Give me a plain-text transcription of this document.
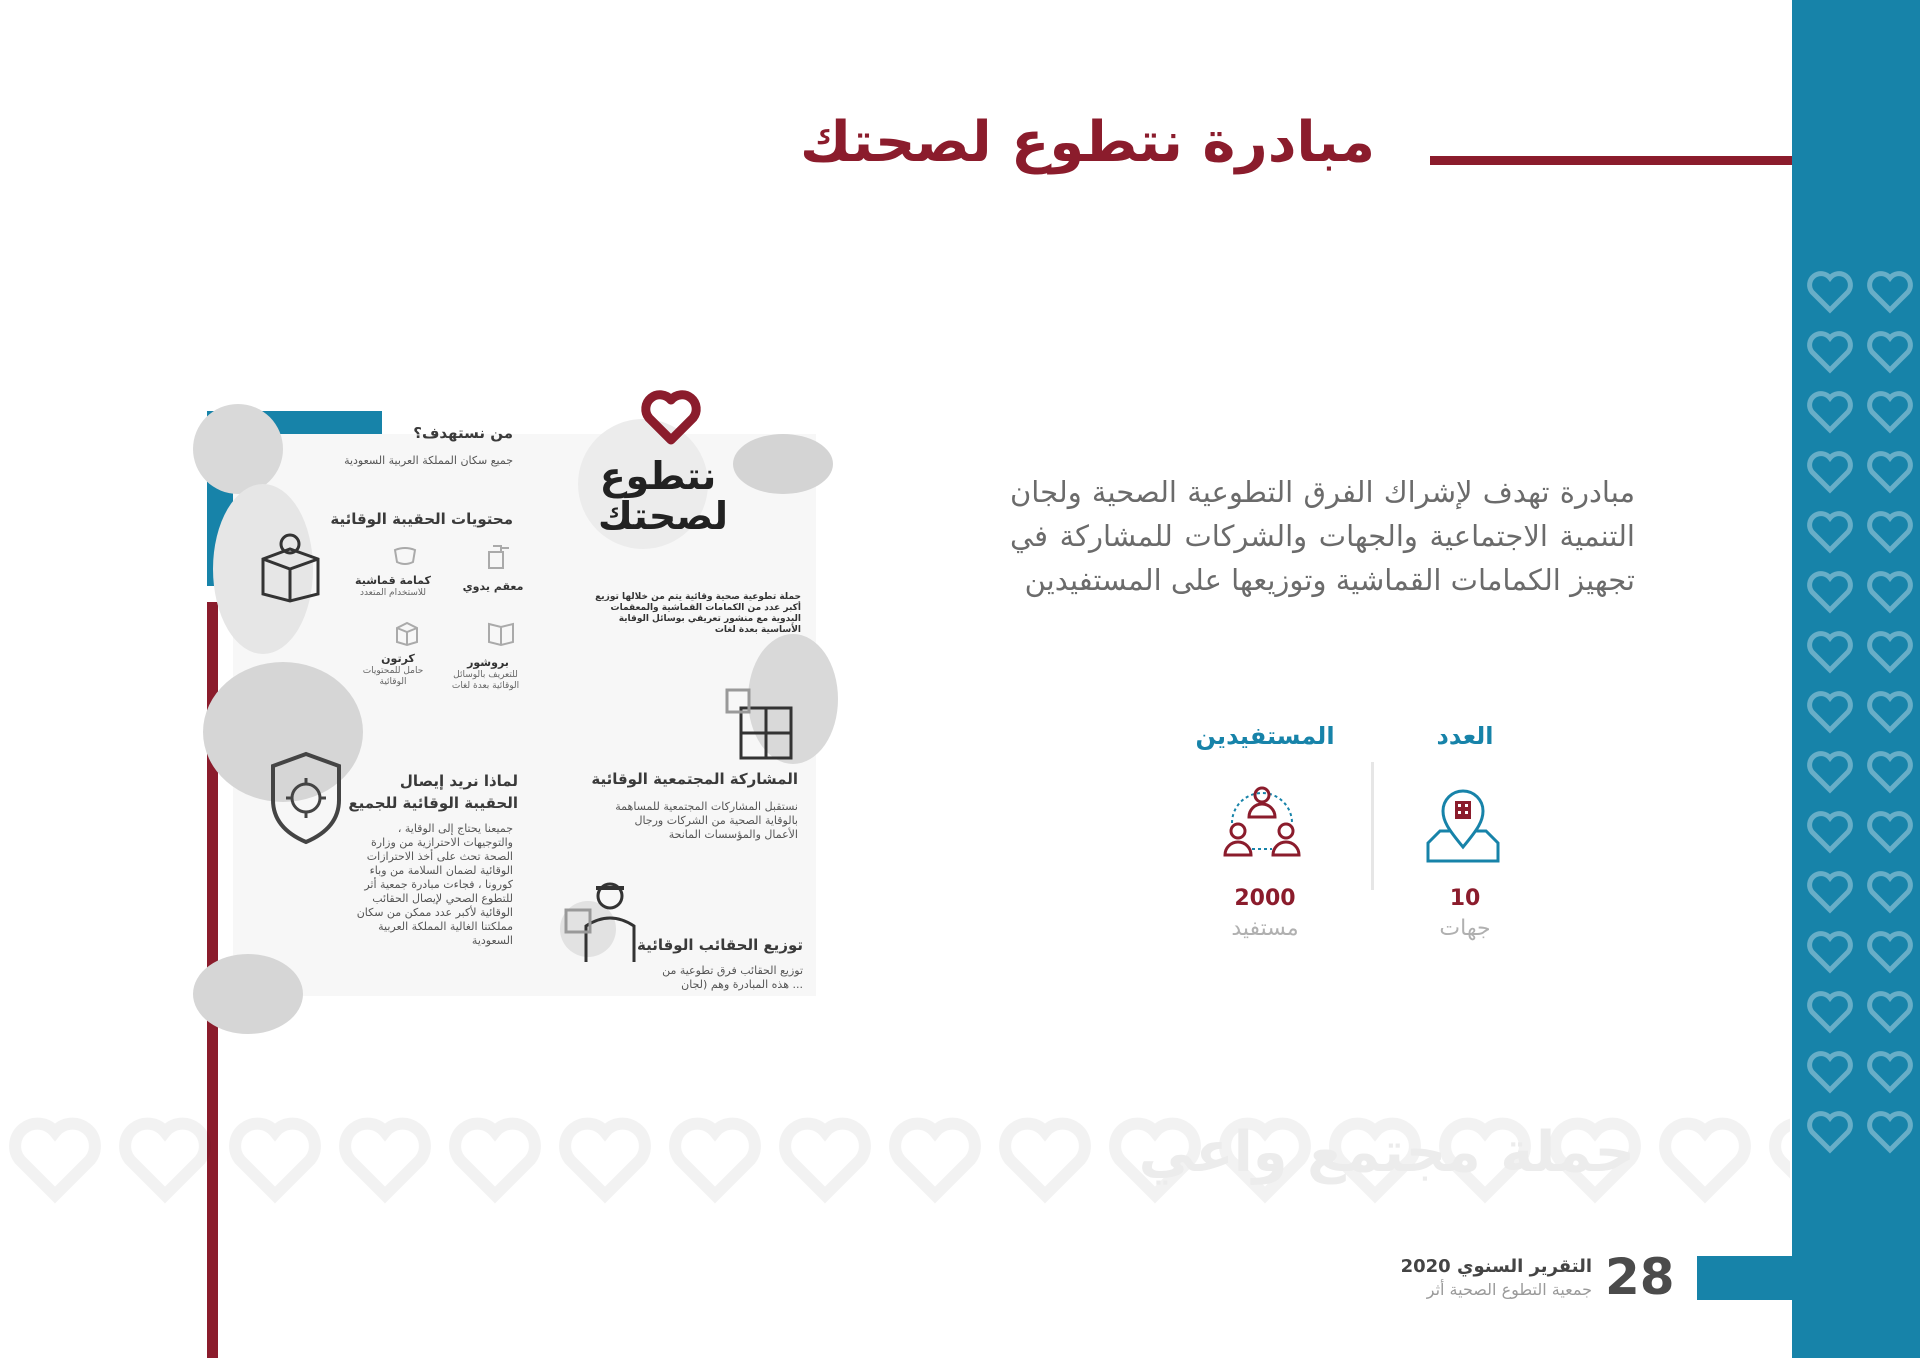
مبادرة نتطوع لصحتك
مبادرة تهدف لإشراك الفرق التطوعية الصحية ولجان التنمية الاجتماعية والجهات والشركات للمشاركة في تجهيز الكمامات القماشية وتوزيعها على المستفيدين
العدد
المستفيدين
10
2000
جهات
مستفيد
نتطوع
لصحتك
حملة تطوعية صحية وقائية يتم من خلالها توزيع أكبر عدد من الكمامات القماشية والمعقمات اليدوية مع منشور تعريفي بوسائل الوقاية الأساسية بعدة لغات
من نستهدف؟
جميع سكان المملكة العربية السعودية
محتويات الحقيبة الوقائية
كمامة قماشية
للاستخدام المتعدد	معقم يدوي
كرتون
حامل للمحتويات الوقائية
بروشور
للتعريف بالوسائل الوقائية بعدة لغات
المشاركة المجتمعية الوقائية
نستقبل المشاركات المجتمعية للمساهمة بالوقاية الصحية من الشركات ورجال الأعمال والمؤسسات المانحة
لماذا نريد إيصال
الحقيبة الوقائية للجميع
جميعنا يحتاج إلى الوقاية ، والتوجيهات الاحترازية من وزارة الصحة تحث على أخذ الاحترازات الوقائية لضمان السلامة من وباء كورونا ، فجاءت مبادرة جمعية أثر للتطوع الصحي لإيصال الحقائب الوقائية لأكبر عدد ممكن من سكان مملكتنا الغالية المملكة العربية السعودية	توزيع الحقائب الوقائية
توزيع الحقائب فرق تطوعية من ... هذه المبادرة وهم (لجان
حملة مجتمع واعي
28
التقرير السنوي 2020
جمعية التطوع الصحية أثر
